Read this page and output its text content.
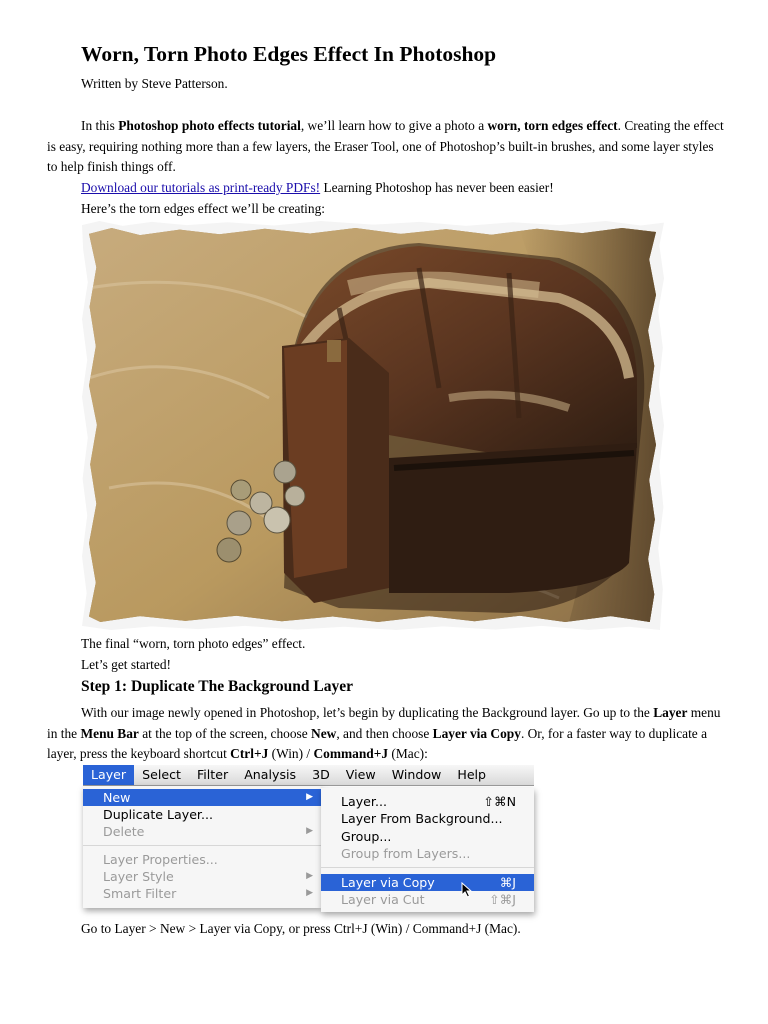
Worn, Torn Photo Edges Effect In Photoshop
Written by Steve Patterson.
In this Photoshop photo effects tutorial, we’ll learn how to give a photo a worn, torn edges effect. Creating the effect is easy, requiring nothing more than a few layers, the Eraser Tool, one of Photoshop’s built-in brushes, and some layer styles to help finish things off.
Download our tutorials as print-ready PDFs! Learning Photoshop has never been easier!
Here’s the torn edges effect we’ll be creating:
The final “worn, torn photo edges” effect.
Let’s get started!
Step 1: Duplicate The Background Layer
With our image newly opened in Photoshop, let’s begin by duplicating the Background layer. Go up to the Layer menu in the Menu Bar at the top of the screen, choose New, and then choose Layer via Copy. Or, for a faster way to duplicate a layer, press the keyboard shortcut Ctrl+J (Win) / Command+J (Mac):
Layer	Select	Filter	Analysis	3D	View	Window	Help
New	▶
Duplicate Layer...
Delete	▶
Layer Properties...
Layer Style	▶
Smart Filter	▶
Layer...	⇧⌘N
Layer From Background...
Group...
Group from Layers...
Layer via Copy	⌘J
Layer via Cut	⇧⌘J
Go to Layer > New > Layer via Copy, or press Ctrl+J (Win) / Command+J (Mac).
